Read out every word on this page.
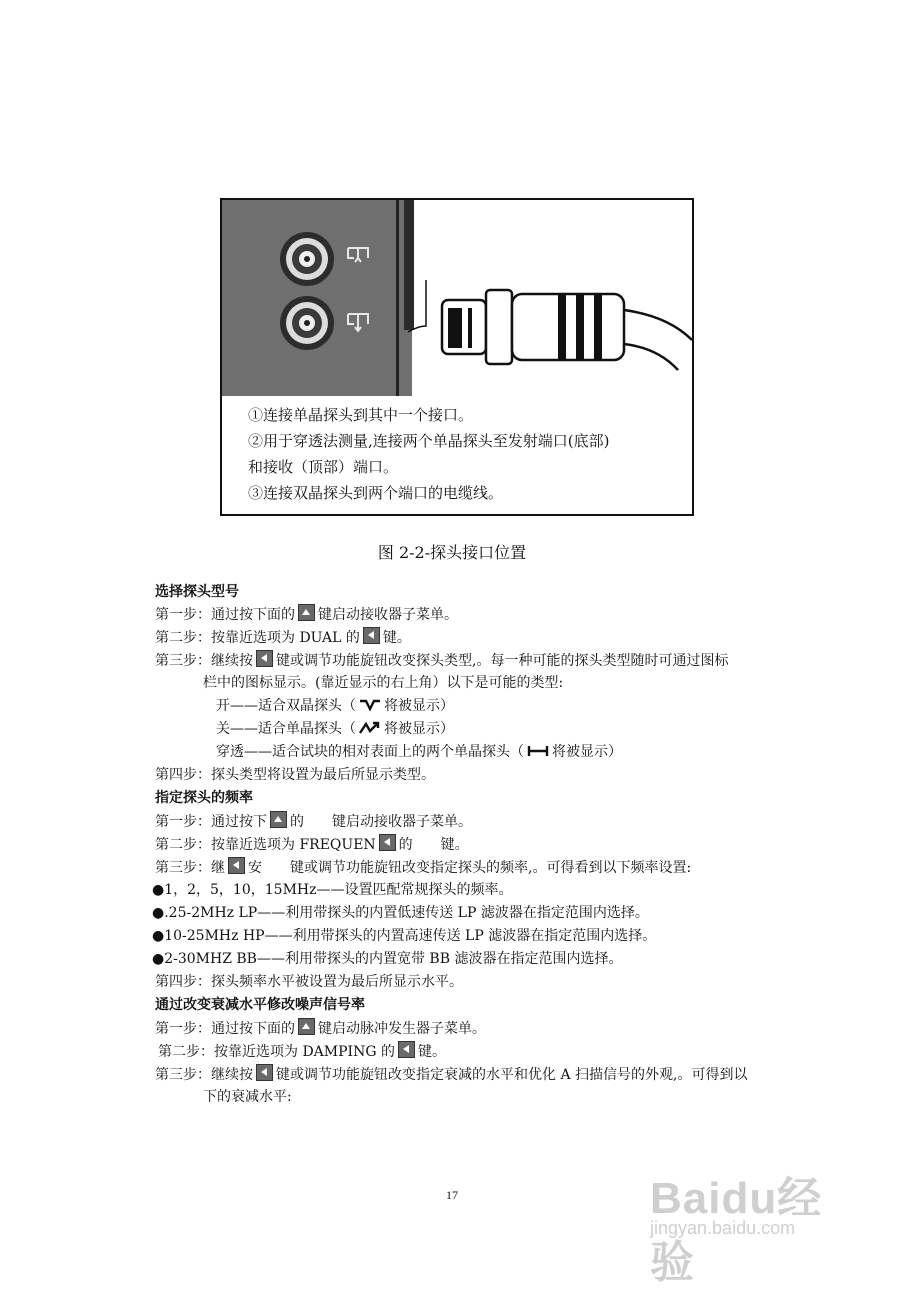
①连接单晶探头到其中一个接口。
②用于穿透法测量,连接两个单晶探头至发射端口(底部)
和接收（顶部）端口。
③连接双晶探头到两个端口的电缆线。
图 2-2-探头接口位置
选择探头型号
第一步：通过按下面的 键启动接收器子菜单。
第二步：按靠近选项为 DUAL 的 键。
第三步：继续按 键或调节功能旋钮改变探头类型,。每一种可能的探头类型随时可通过图标
栏中的图标显示。(靠近显示的右上角）以下是可能的类型:
开——适合双晶探头（ 将被显示）
关——适合单晶探头（ 将被显示）
穿透——适合试块的相对表面上的两个单晶探头（ 将被显示）
第四步：探头类型将设置为最后所显示类型。
指定探头的频率
第一步：通过按下 的　　键启动接收器子菜单。
第二步：按靠近选项为 FREQUEN 的　　键。
第三步：继 安　　键或调节功能旋钮改变指定探头的频率,。可得看到以下频率设置:
●1，2，5，10，15MHz——设置匹配常规探头的频率。
●.25-2MHz LP——利用带探头的内置低速传送 LP 滤波器在指定范围内选择。
●10-25MHz HP——利用带探头的内置高速传送 LP 滤波器在指定范围内选择。
●2-30MHZ BB——利用带探头的内置宽带 BB 滤波器在指定范围内选择。
第四步：探头频率水平被设置为最后所显示水平。
通过改变衰减水平修改噪声信号率
第一步：通过按下面的 键启动脉冲发生器子菜单。
第二步：按靠近选项为 DAMPING 的 键。
第三步：继续按 键或调节功能旋钮改变指定衰减的水平和优化 A 扫描信号的外观,。可得到以
下的衰减水平:
17	Baidu经验
jingyan.baidu.com
